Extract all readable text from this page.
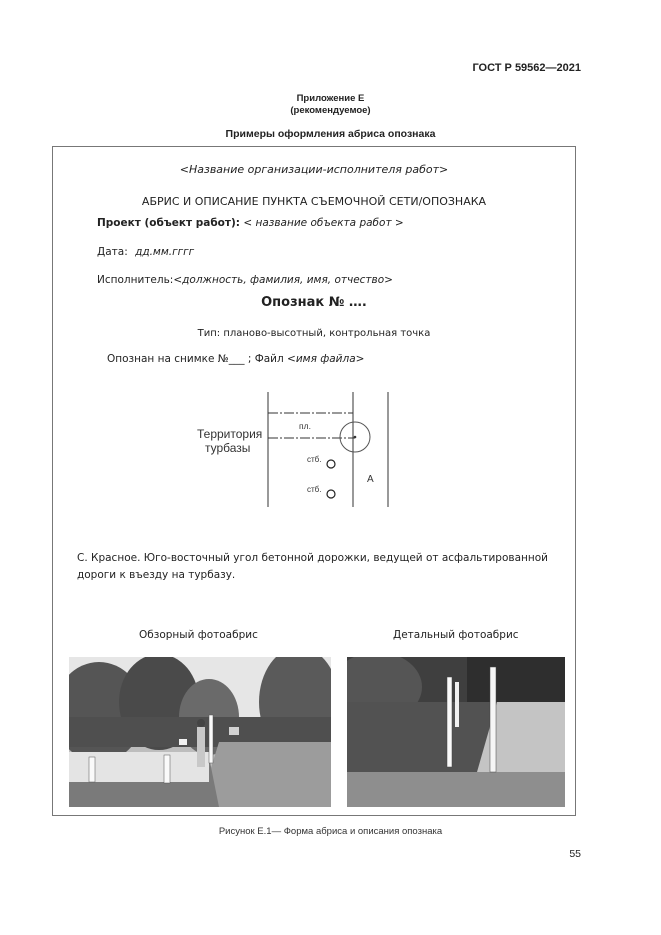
ГОСТ Р 59562—2021
Приложение Е
(рекомендуемое)
Примеры оформления абриса опознака
<Название организации-исполнителя работ>
АБРИС И ОПИСАНИЕ ПУНКТА СЪЕМОЧНОЙ СЕТИ/ОПОЗНАКА
Проект (объект работ): < название объекта работ >
Дата: дд.мм.гггг
Исполнитель:<должность, фамилия, имя, отчество>
Опознак № ….
Тип: планово-высотный, контрольная точка
Опознан на снимке №___ ; Файл <имя файла>
Территория
турбазы
пл.
стб.
стб.
А
С. Красное. Юго-восточный угол бетонной дорожки, ведущей от асфальтированной дороги к въезду на турбазу.
Обзорный фотоабрис	Детальный фотоабрис
Рисунок Е.1— Форма абриса и описания опознака
55
